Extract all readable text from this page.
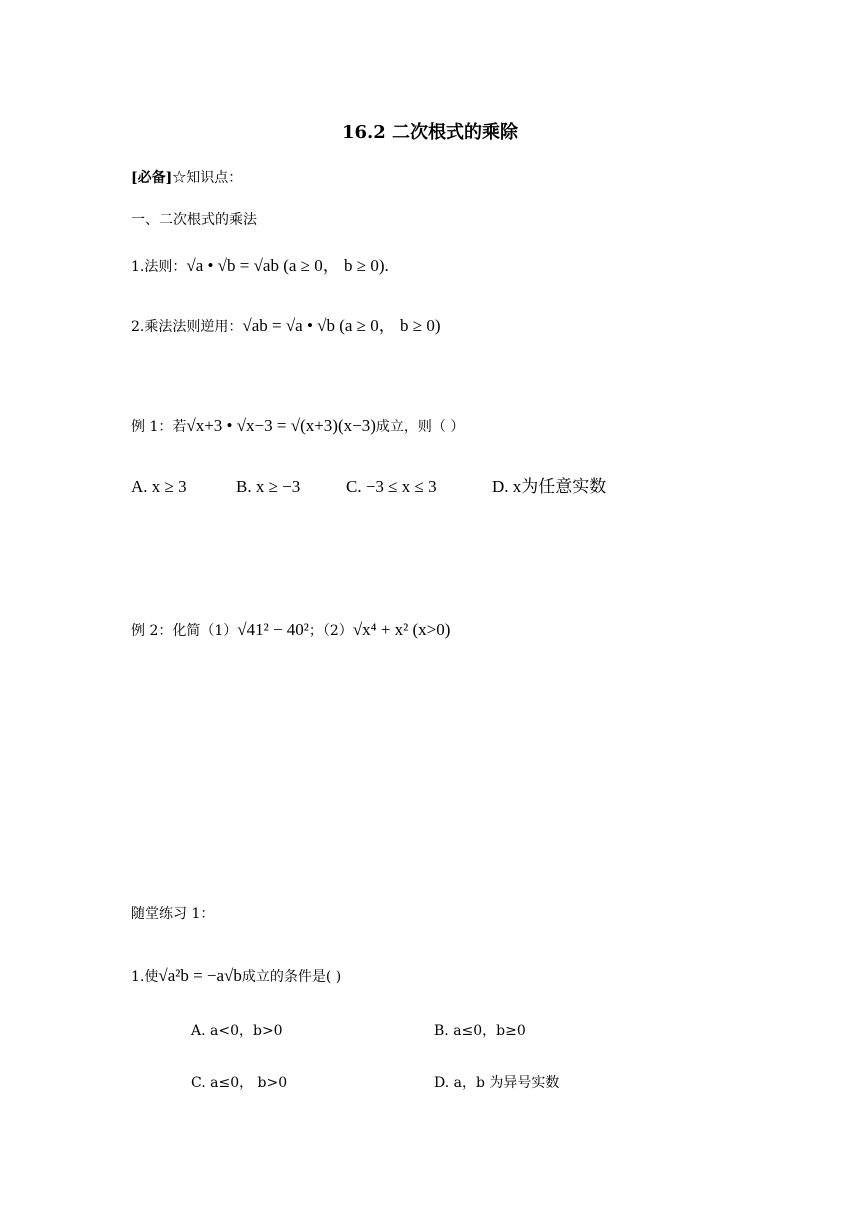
16.2 二次根式的乘除
[必备]☆知识点：
一、二次根式的乘法
1.法则：√a • √b = √ab (a ≥ 0， b ≥ 0).
2.乘法法则逆用：√ab = √a • √b (a ≥ 0， b ≥ 0)
例 1：若√x+3 • √x−3 = √(x+3)(x−3)成立，则（ ）
A. x ≥ 3	B. x ≥ −3	C. −3 ≤ x ≤ 3	D. x为任意实数
例 2：化简（1）√41² − 40²；（2）√x⁴ + x² (x>0)
随堂练习 1：
1.使√a²b = −a√b成立的条件是( )
A. a<0，b>0	B. a≤0，b≥0
C. a≤0， b>0	D. a，b 为异号实数
